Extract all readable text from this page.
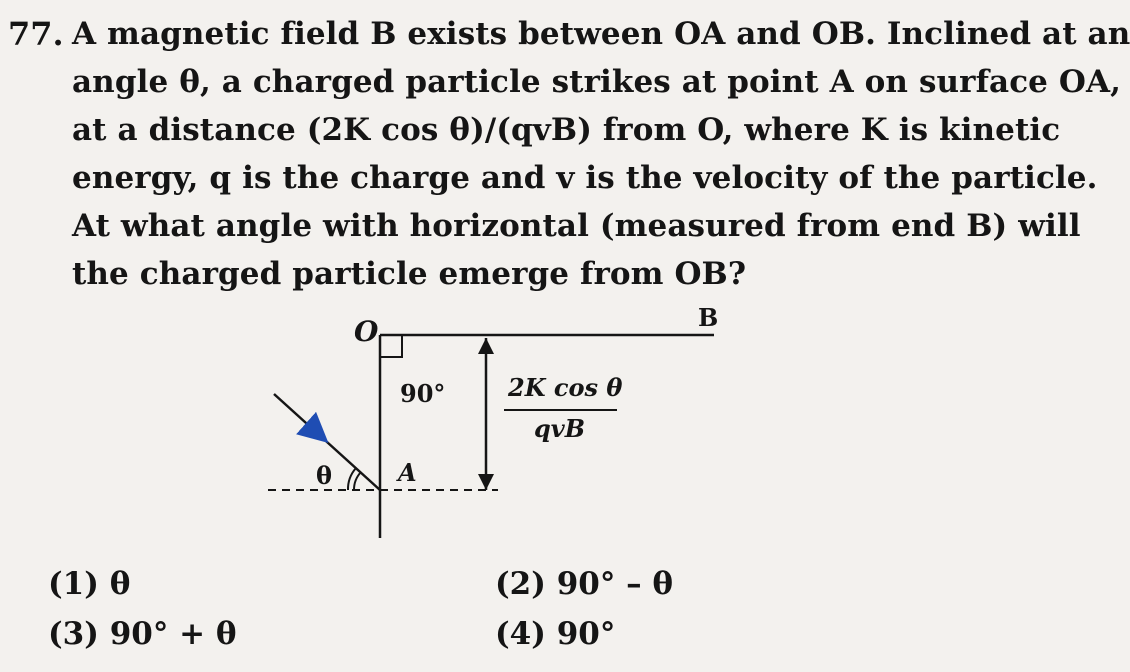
77. A magnetic field B exists between OA and OB. Inclined at an
angle θ, a charged particle strikes at point A on surface OA,
at a distance (2K cos θ)/(qvB) from O, where K is kinetic
energy, q is the charge and v is the velocity of the particle.
At what angle with horizontal (measured from end B) will
the charged particle emerge from OB?
O	B
90°	2K cos θ
qvB
θ	A
(1) θ	(2) 90° – θ
(3) 90° + θ	(4) 90°
